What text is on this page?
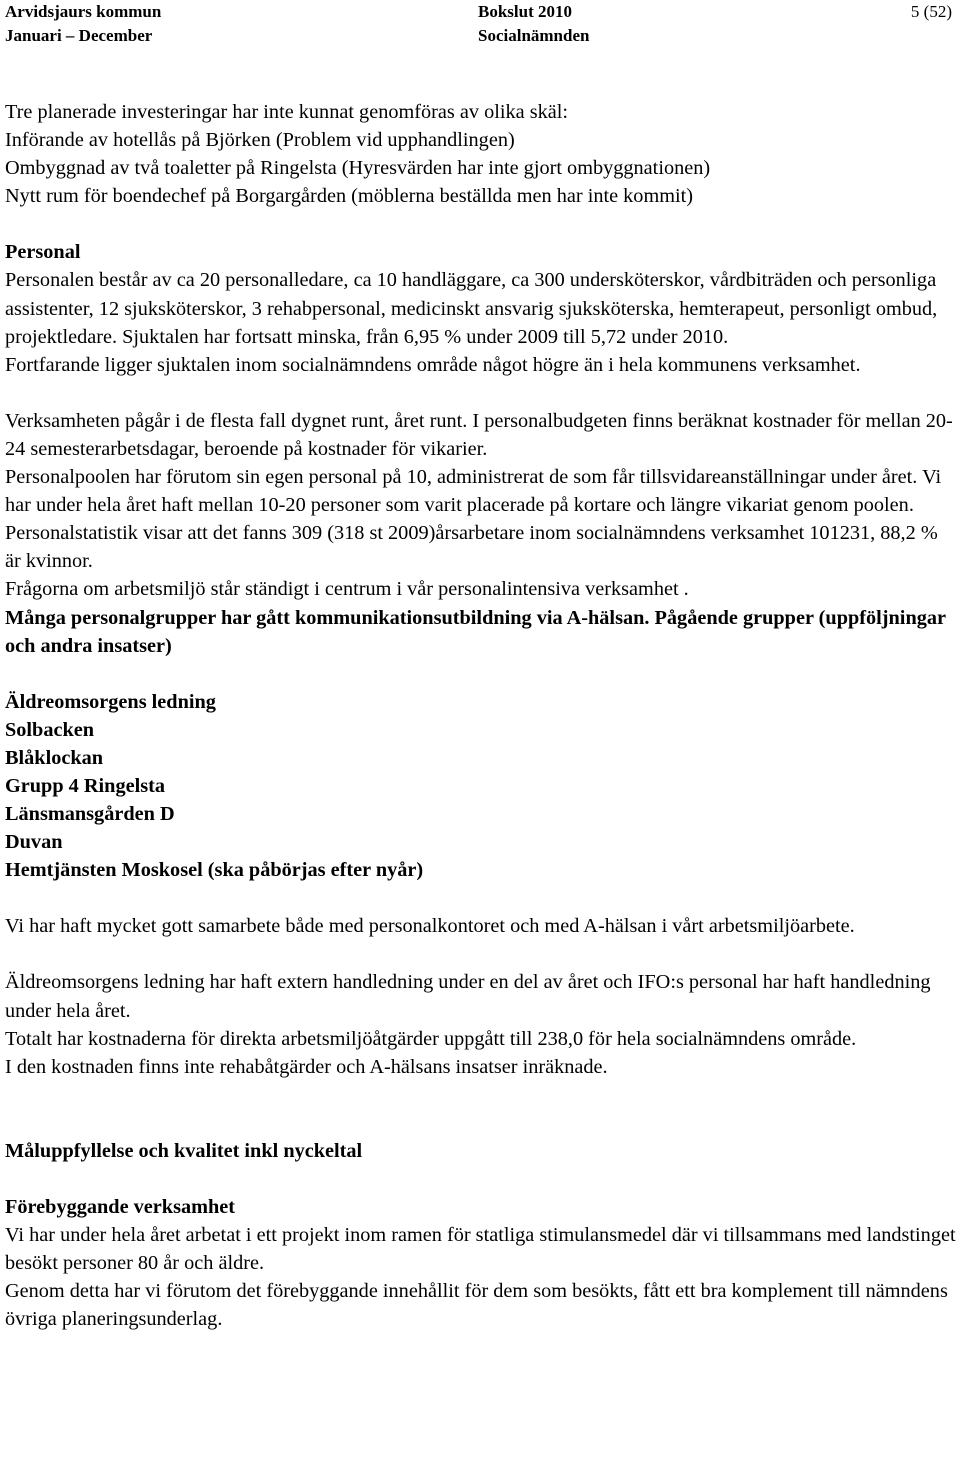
Arvidsjaurs kommun
Januari – December
Bokslut 2010
Socialnämnden
5 (52)

Tre planerade investeringar har inte kunnat genomföras av olika skäl:

Införande av hotellås på Björken (Problem vid upphandlingen)

Ombyggnad av två toaletter på Ringelsta (Hyresvärden har inte gjort ombyggnationen)

Nytt rum för boendechef på Borgargården (möblerna beställda men har inte kommit)

Personal

Personalen består av ca 20 personalledare, ca 10 handläggare, ca 300 undersköterskor, vårdbiträden och personliga assistenter, 12 sjuksköterskor, 3 rehabpersonal, medicinskt ansvarig sjuksköterska, hemterapeut, personligt ombud, projektledare. Sjuktalen har fortsatt minska, från 6,95 % under 2009 till 5,72 under 2010.

Fortfarande ligger sjuktalen inom socialnämndens område något högre än i hela kommunens verksamhet.

Verksamheten pågår i de flesta fall dygnet runt, året runt. I personalbudgeten finns beräknat kostnader för mellan 20-24 semesterarbetsdagar, beroende på kostnader för vikarier.

Personalpoolen har förutom sin egen personal på 10, administrerat de som får tillsvidareanställningar under året. Vi har under hela året haft mellan 10-20 personer som varit placerade på kortare och längre vikariat genom poolen.

Personalstatistik visar att det fanns 309 (318 st 2009)årsarbetare inom socialnämndens verksamhet 101231, 88,2 % är kvinnor.

Frågorna om arbetsmiljö står ständigt i centrum i vår personalintensiva verksamhet .

Många personalgrupper har gått kommunikationsutbildning via A-hälsan. Pågående grupper (uppföljningar och andra insatser)

Äldreomsorgens ledning

Solbacken

Blåklockan

Grupp 4 Ringelsta

Länsmansgården D

Duvan

Hemtjänsten Moskosel (ska påbörjas efter nyår)

Vi har haft mycket gott samarbete både med personalkontoret och med A-hälsan i vårt arbetsmiljöarbete.

Äldreomsorgens ledning har haft extern handledning under en del av året och IFO:s personal har haft handledning under hela året.

Totalt har kostnaderna för direkta arbetsmiljöåtgärder uppgått till 238,0 för hela socialnämndens område.

I den kostnaden finns inte rehabåtgärder och A-hälsans insatser inräknade.

Måluppfyllelse och kvalitet inkl nyckeltal

Förebyggande verksamhet

Vi har under hela året arbetat i ett projekt inom ramen för statliga stimulansmedel där vi tillsammans med landstinget besökt personer 80 år och äldre.

Genom detta har vi förutom det förebyggande innehållit för dem som besökts, fått ett bra komplement till nämndens övriga planeringsunderlag.
